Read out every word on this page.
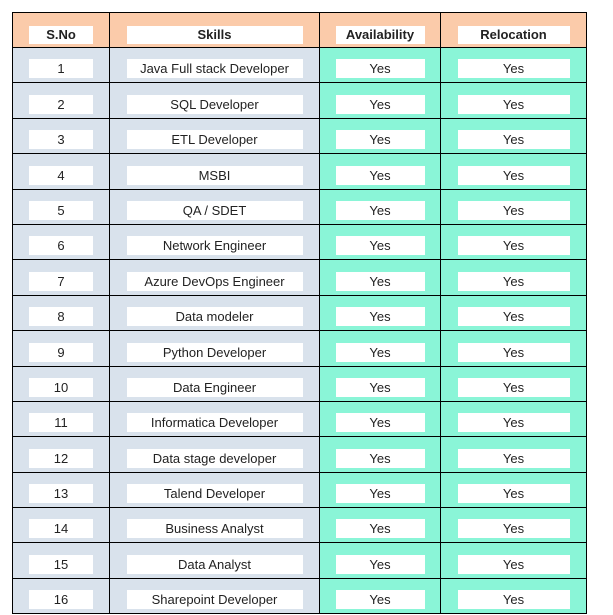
S.No	Skills	Availability	Relocation

1	Java Full stack Developer	Yes	Yes

2	SQL Developer	Yes	Yes

3	ETL Developer	Yes	Yes

4	MSBI	Yes	Yes

5	QA / SDET	Yes	Yes

6	Network Engineer	Yes	Yes

7	Azure DevOps Engineer	Yes	Yes

8	Data modeler	Yes	Yes

9	Python Developer	Yes	Yes

10	Data Engineer	Yes	Yes

11	Informatica Developer	Yes	Yes

12	Data stage developer	Yes	Yes

13	Talend Developer	Yes	Yes

14	Business Analyst	Yes	Yes

15	Data Analyst	Yes	Yes

16	Sharepoint Developer	Yes	Yes
